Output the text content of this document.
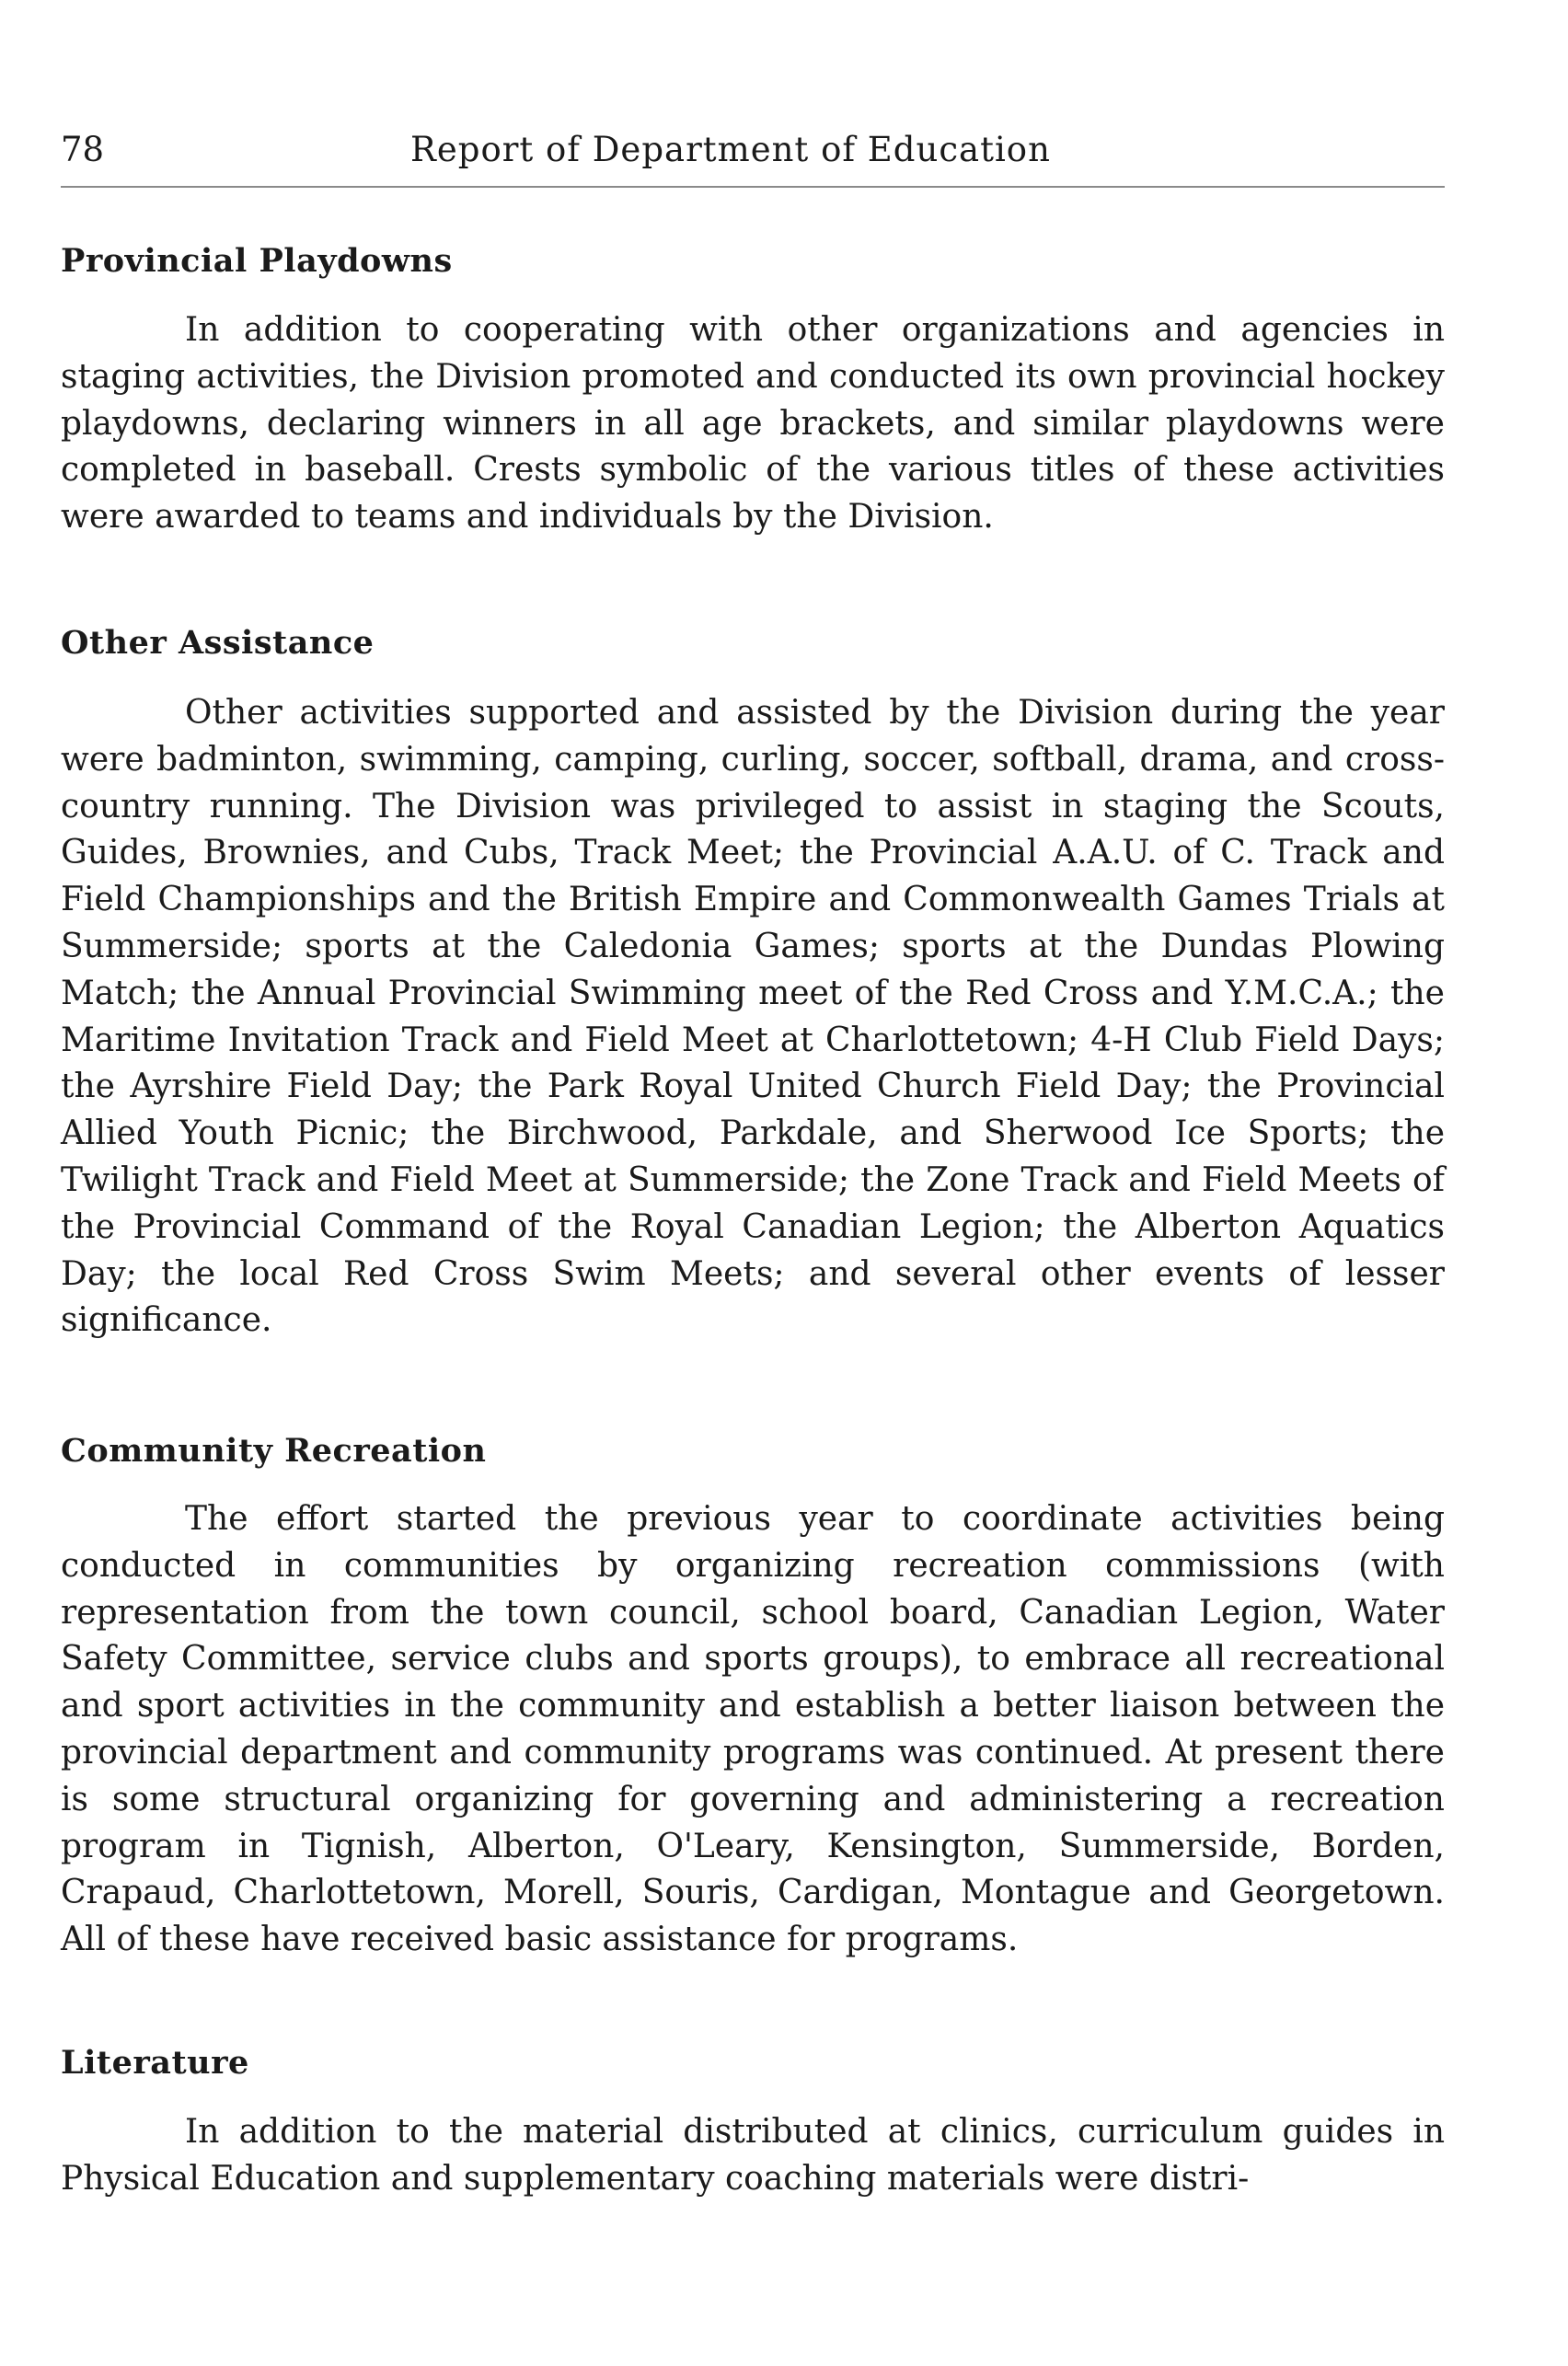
78	Report of Department of Education
Provincial Playdowns

In addition to cooperating with other organizations and agencies in staging activities, the Division promoted and conducted its own provincial hockey playdowns, declaring winners in all age brackets, and similar playdowns were completed in baseball. Crests symbolic of the various titles of these activities were awarded to teams and individuals by the Division.

Other Assistance

Other activities supported and assisted by the Division during the year were badminton, swimming, camping, curling, soccer, softball, drama, and cross-country running. The Division was privileged to assist in staging the Scouts, Guides, Brownies, and Cubs, Track Meet; the Provincial A.A.U. of C. Track and Field Championships and the British Empire and Commonwealth Games Trials at Summerside; sports at the Caledonia Games; sports at the Dundas Plowing Match; the Annual Provincial Swimming meet of the Red Cross and Y.M.C.A.; the Maritime Invitation Track and Field Meet at Charlottetown; 4-H Club Field Days; the Ayrshire Field Day; the Park Royal United Church Field Day; the Provincial Allied Youth Picnic; the Birchwood, Parkdale, and Sherwood Ice Sports; the Twilight Track and Field Meet at Summerside; the Zone Track and Field Meets of the Provincial Command of the Royal Canadian Legion; the Alberton Aquatics Day; the local Red Cross Swim Meets; and several other events of lesser significance.

Community Recreation

The effort started the previous year to coordinate activities being conducted in communities by organizing recreation commissions (with representation from the town council, school board, Canadian Legion, Water Safety Committee, service clubs and sports groups), to embrace all recreational and sport activities in the community and establish a better liaison between the provincial department and community programs was continued. At present there is some structural organizing for governing and administering a recreation program in Tignish, Alberton, O'Leary, Kensington, Summerside, Borden, Crapaud, Charlottetown, Morell, Souris, Cardigan, Montague and Georgetown. All of these have received basic assistance for programs.

Literature

In addition to the material distributed at clinics, curriculum guides in Physical Education and supplementary coaching materials were distri-
